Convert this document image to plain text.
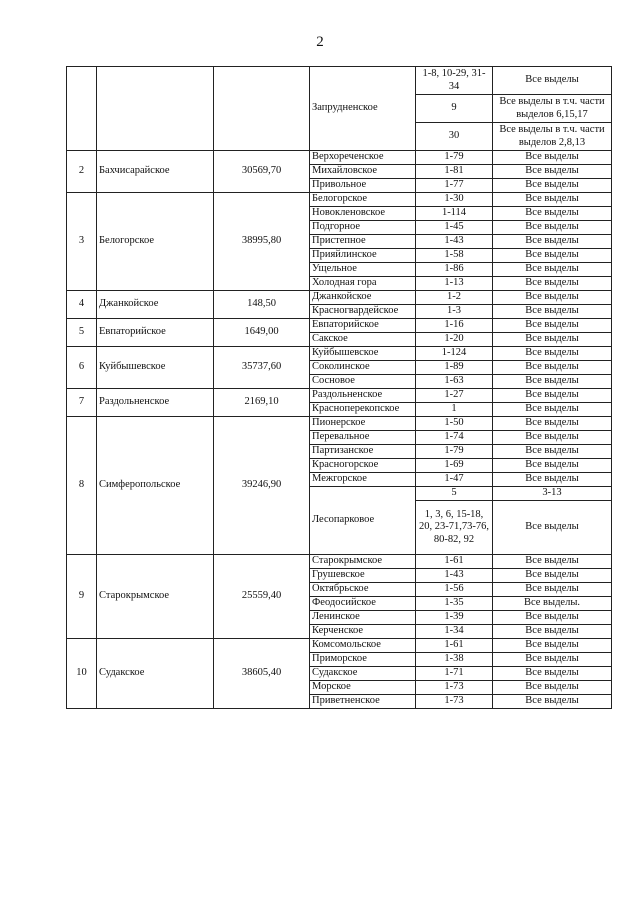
2
			Запрудненское	1-8, 10-29, 31-34	Все выделы
				9	Все выделы в т.ч. части выделов 6,15,17
				30	Все выделы в т.ч. части выделов 2,8,13
2	Бахчисарайское	30569,70	Верхореченское	1-79	Все выделы
			Михайловское	1-81	Все выделы
			Привольное	1-77	Все выделы
3	Белогорское	38995,80	Белогорское	1-30	Все выделы
			Новокленовское	1-114	Все выделы
			Подгорное	1-45	Все выделы
			Пристепное	1-43	Все выделы
			Прияйлинское	1-58	Все выделы
			Ущельное	1-86	Все выделы
			Холодная гора	1-13	Все выделы
4	Джанкойское	148,50	Джанкойское	1-2	Все выделы
			Красногвардейское	1-3	Все выделы
5	Евпаторийское	1649,00	Евпаторийское	1-16	Все выделы
			Сакское	1-20	Все выделы
6	Куйбышевское	35737,60	Куйбышевское	1-124	Все выделы
			Соколинское	1-89	Все выделы
			Сосновое	1-63	Все выделы
7	Раздольненское	2169,10	Раздольненское	1-27	Все выделы
			Красноперекопское	1	Все выделы
8	Симферопольское	39246,90	Пионерское	1-50	Все выделы
			Перевальное	1-74	Все выделы
			Партизанское	1-79	Все выделы
			Красногорское	1-69	Все выделы
			Межгорское	1-47	Все выделы
			Лесопарковое	5	3-13
				1, 3, 6, 15-18, 20, 23-71,73-76, 80-82, 92	Все выделы
9	Старокрымское	25559,40	Старокрымское	1-61	Все выделы
			Грушевское	1-43	Все выделы
			Октябрьское	1-56	Все выделы
			Феодосийское	1-35	Все выделы.
			Ленинское	1-39	Все выделы
			Керченское	1-34	Все выделы
10	Судакское	38605,40	Комсомольское	1-61	Все выделы
			Приморское	1-38	Все выделы
			Судакское	1-71	Все выделы
			Морское	1-73	Все выделы
			Приветненское	1-73	Все выделы
